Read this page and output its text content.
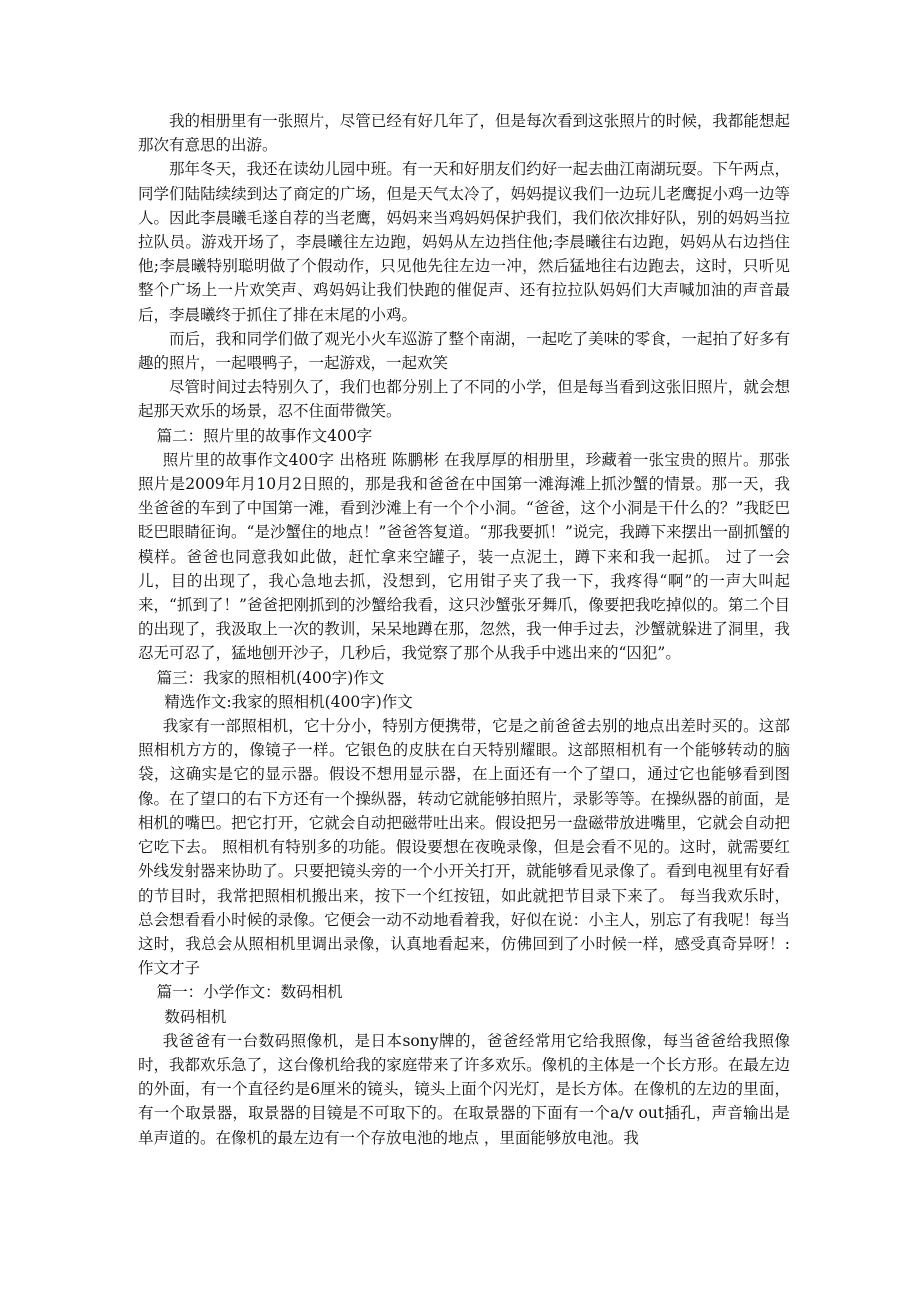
我的相册里有一张照片，尽管已经有好几年了，但是每次看到这张照片的时候，我都能想起那次有意思的出游。

那年冬天，我还在读幼儿园中班。有一天和好朋友们约好一起去曲江南湖玩耍。下午两点，同学们陆陆续续到达了商定的广场，但是天气太冷了，妈妈提议我们一边玩儿老鹰捉小鸡一边等人。因此李晨曦毛遂自荐的当老鹰，妈妈来当鸡妈妈保护我们，我们依次排好队，别的妈妈当拉拉队员。游戏开场了，李晨曦往左边跑，妈妈从左边挡住他;李晨曦往右边跑，妈妈从右边挡住他;李晨曦特别聪明做了个假动作，只见他先往左边一冲，然后猛地往右边跑去，这时，只听见整个广场上一片欢笑声、鸡妈妈让我们快跑的催促声、还有拉拉队妈妈们大声喊加油的声音最后，李晨曦终于抓住了排在末尾的小鸡。

而后，我和同学们做了观光小火车巡游了整个南湖，一起吃了美味的零食，一起拍了好多有趣的照片，一起喂鸭子，一起游戏，一起欢笑

尽管时间过去特别久了，我们也都分别上了不同的小学，但是每当看到这张旧照片，就会想起那天欢乐的场景，忍不住面带微笑。

篇二：照片里的故事作文400字

照片里的故事作文400字 出格班 陈鹏彬 在我厚厚的相册里，珍藏着一张宝贵的照片。那张照片是2009年月10月2日照的，那是我和爸爸在中国第一滩海滩上抓沙蟹的情景。那一天，我坐爸爸的车到了中国第一滩，看到沙滩上有一个个小洞。“爸爸，这个小洞是干什么的？”我眨巴眨巴眼睛征询。“是沙蟹住的地点！”爸爸答复道。“那我要抓！”说完，我蹲下来摆出一副抓蟹的模样。爸爸也同意我如此做，赶忙拿来空罐子，装一点泥土，蹲下来和我一起抓。 过了一会儿，目的出现了，我心急地去抓，没想到，它用钳子夹了我一下，我疼得“啊”的一声大叫起来，“抓到了！”爸爸把刚抓到的沙蟹给我看，这只沙蟹张牙舞爪，像要把我吃掉似的。第二个目的出现了，我汲取上一次的教训，呆呆地蹲在那，忽然，我一伸手过去，沙蟹就躲进了洞里，我忍无可忍了，猛地刨开沙子，几秒后，我觉察了那个从我手中逃出来的“囚犯”。

篇三：我家的照相机(400字)作文

精选作文:我家的照相机(400字)作文

我家有一部照相机，它十分小，特别方便携带，它是之前爸爸去别的地点出差时买的。这部照相机方方的，像镜子一样。它银色的皮肤在白天特别耀眼。这部照相机有一个能够转动的脑袋，这确实是它的显示器。假设不想用显示器，在上面还有一个了望口，通过它也能够看到图像。在了望口的右下方还有一个操纵器，转动它就能够拍照片，录影等等。在操纵器的前面，是相机的嘴巴。把它打开，它就会自动把磁带吐出来。假设把另一盘磁带放进嘴里，它就会自动把它吃下去。 照相机有特别多的功能。假设要想在夜晚录像，但是会看不见的。这时，就需要红外线发射器来协助了。只要把镜头旁的一个小开关打开，就能够看见录像了。看到电视里有好看的节目时，我常把照相机搬出来，按下一个红按钮，如此就把节目录下来了。 每当我欢乐时，总会想看看小时候的录像。它便会一动不动地看着我，好似在说：小主人，别忘了有我呢！每当这时，我总会从照相机里调出录像，认真地看起来，仿佛回到了小时候一样，感受真奇异呀！:作文才子

篇一：小学作文：数码相机

数码相机

我爸爸有一台数码照像机，是日本sony牌的，爸爸经常用它给我照像，每当爸爸给我照像时，我都欢乐急了，这台像机给我的家庭带来了许多欢乐。像机的主体是一个长方形。在最左边的外面，有一个直径约是6厘米的镜头，镜头上面个闪光灯，是长方体。在像机的左边的里面，有一个取景器，取景器的目镜是不可取下的。在取景器的下面有一个a/v out插孔，声音输出是单声道的。在像机的最左边有一个存放电池的地点 ，里面能够放电池。我
